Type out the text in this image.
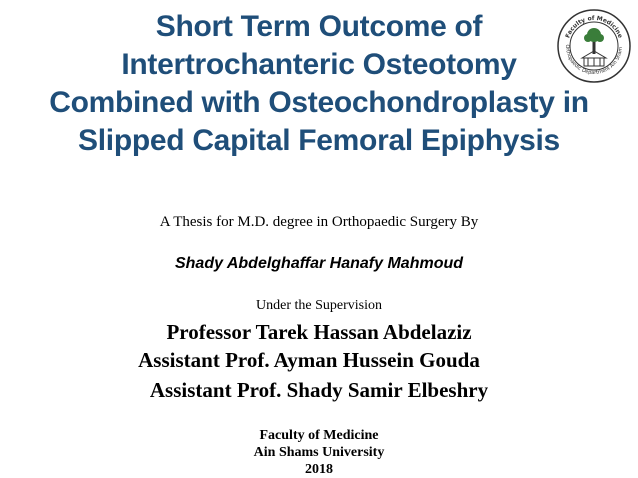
Short Term Outcome of
Intertrochanteric Osteotomy
Combined with Osteochondroplasty in
Slipped Capital Femoral Epiphysis
Faculty of Medicine
Orthopaedic Department Ain Sham
A Thesis for M.D. degree in Orthopaedic Surgery By
Shady Abdelghaffar Hanafy Mahmoud
Under the Supervision
Professor Tarek Hassan Abdelaziz
Assistant Prof. Ayman Hussein Gouda
Assistant Prof. Shady Samir Elbeshry
Faculty of Medicine
Ain Shams University
2018
